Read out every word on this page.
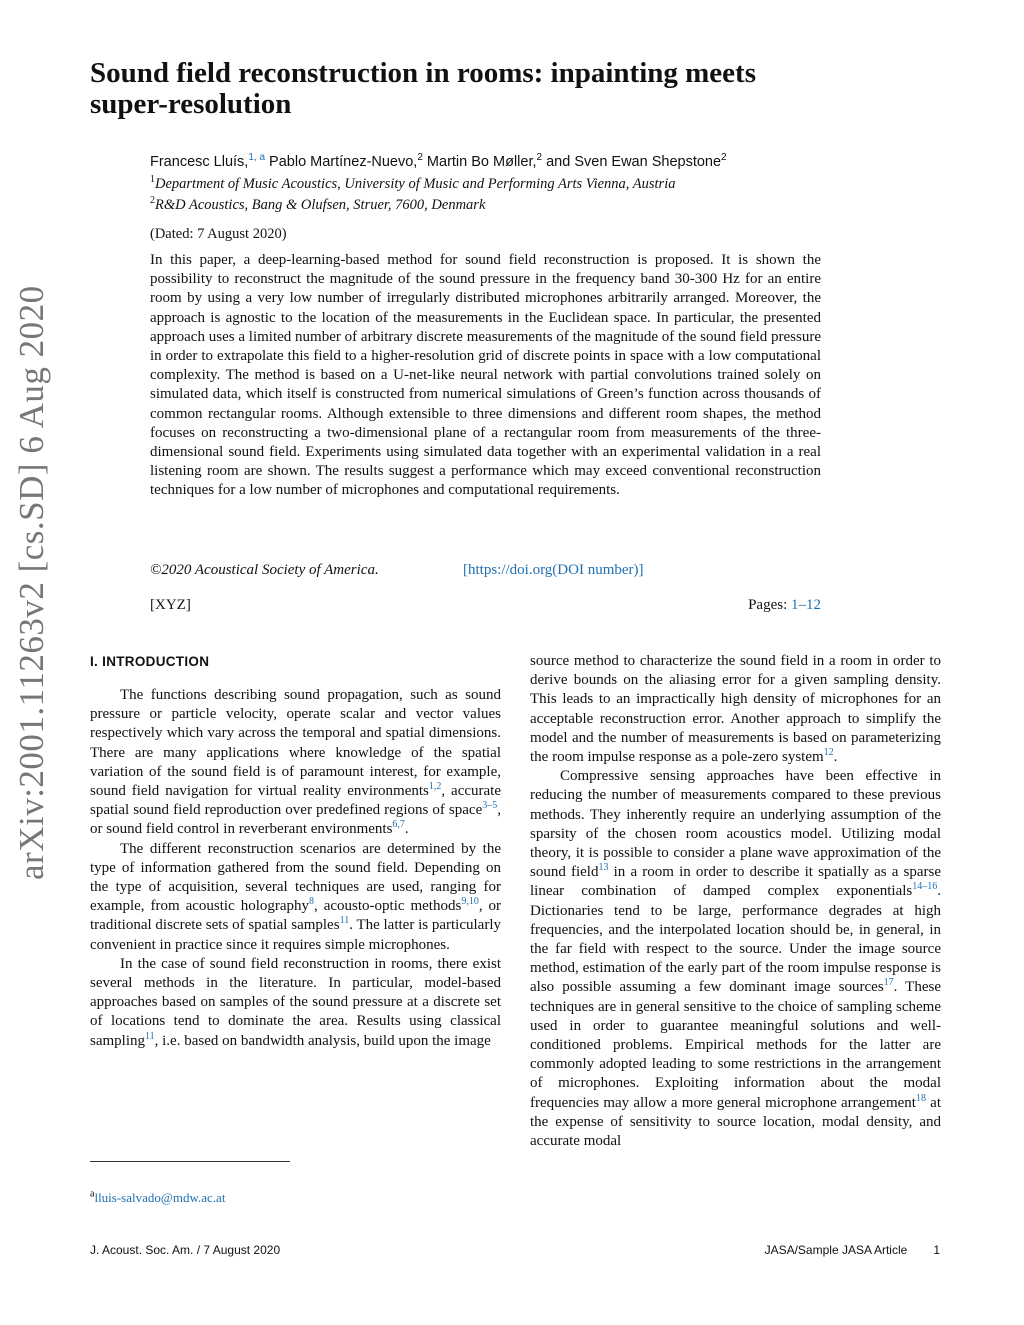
Sound field reconstruction in rooms: inpainting meets super-resolution
Francesc Lluís,$^{1, a}$ Pablo Martínez-Nuevo,$^2$ Martin Bo Møller,$^2$ and Sven Ewan Shepstone$^2$
$^1$Department of Music Acoustics, University of Music and Performing Arts Vienna, Austria
$^2$R&D Acoustics, Bang & Olufsen, Struer, 7600, Denmark
(Dated: 7 August 2020)

In this paper, a deep-learning-based method for sound field reconstruction is proposed. It is shown the possibility to reconstruct the magnitude of the sound pressure in the frequency band 30-300 Hz for an entire room by using a very low number of irregularly distributed microphones arbitrarily arranged. Moreover, the approach is agnostic to the location of the measurements in the Euclidean space. In particular, the presented approach uses a limited number of arbitrary discrete measurements of the magnitude of the sound field pressure in order to extrapolate this field to a higher-resolution grid of discrete points in space with a low computational complexity. The method is based on a U-net-like neural network with partial convolutions trained solely on simulated data, which itself is constructed from numerical simulations of Green’s function across thousands of common rectangular rooms. Although extensible to three dimensions and different room shapes, the method focuses on reconstructing a two-dimensional plane of a rectangular room from measurements of the three-dimensional sound field. Experiments using simulated data together with an experimental validation in a real listening room are shown. The results suggest a performance which may exceed conventional reconstruction techniques for a low number of microphones and computational requirements.

©2020 Acoustical Society of America.	[https://doi.org(DOI number)]
[XYZ]	Pages: 1–12
arXiv:2001.11263v2 [cs.SD] 6 Aug 2020	I. INTRODUCTION

The functions describing sound propagation, such as sound pressure or particle velocity, operate scalar and vector values respectively which vary across the temporal and spatial dimensions. There are many applications where knowledge of the spatial variation of the sound field is of paramount interest, for example, sound field navigation for virtual reality environments$^{1,2}$, accurate spatial sound field reproduction over predefined regions of space$^{3-5}$, or sound field control in reverberant environments$^{6,7}$.

The different reconstruction scenarios are determined by the type of information gathered from the sound field. Depending on the type of acquisition, several techniques are used, ranging for example, from acoustic holography$^8$, acousto-optic methods$^{9,10}$, or traditional discrete sets of spatial samples$^{11}$. The latter is particularly convenient in practice since it requires simple microphones.

In the case of sound field reconstruction in rooms, there exist several methods in the literature. In particular, model-based approaches based on samples of the sound pressure at a discrete set of locations tend to dominate the area. Results using classical sampling$^{11}$, i.e. based on bandwidth analysis, build upon the image

source method to characterize the sound field in a room in order to derive bounds on the aliasing error for a given sampling density. This leads to an impractically high density of microphones for an acceptable reconstruction error. Another approach to simplify the model and the number of measurements is based on parameterizing the room impulse response as a pole-zero system$^{12}$.

Compressive sensing approaches have been effective in reducing the number of measurements compared to these previous methods. They inherently require an underlying assumption of the sparsity of the chosen room acoustics model. Utilizing modal theory, it is possible to consider a plane wave approximation of the sound field$^{13}$ in a room in order to describe it spatially as a sparse linear combination of damped complex exponentials$^{14-16}$. Dictionaries tend to be large, performance degrades at high frequencies, and the interpolated location should be, in general, in the far field with respect to the source. Under the image source method, estimation of the early part of the room impulse response is also possible assuming a few dominant image sources$^{17}$. These techniques are in general sensitive to the choice of sampling scheme used in order to guarantee meaningful solutions and well-conditioned problems. Empirical methods for the latter are commonly adopted leading to some restrictions in the arrangement of microphones. Exploiting information about the modal frequencies may allow a more general microphone arrangement$^{18}$ at the expense of sensitivity to source location, modal density, and accurate modal

$^a$lluis-salvado@mdw.ac.at
J. Acoust. Soc. Am. / 7 August 2020	JASA/Sample JASA Article 1
